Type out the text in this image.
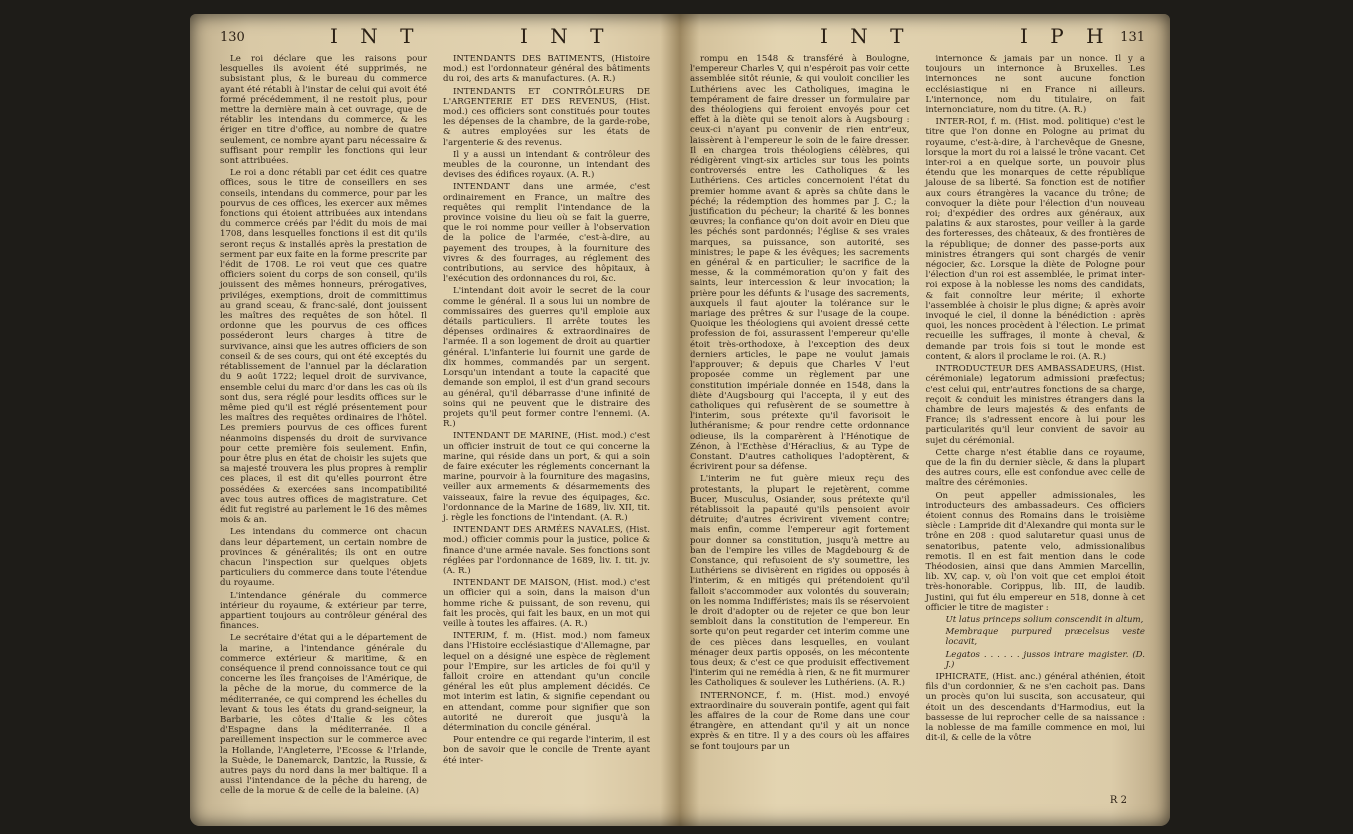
130	I N T	I N T

Le roi déclare que les raisons pour lesquelles ils avoient été supprimés, ne subsistant plus, & le bureau du commerce ayant été rétabli à l'instar de celui qui avoit été formé précédemment, il ne restoit plus, pour mettre la dernière main à cet ouvrage, que de rétablir les intendans du commerce, & les ériger en titre d'office, au nombre de quatre seulement, ce nombre ayant paru nécessaire & suffisant pour remplir les fonctions qui leur sont attribuées.

Le roi a donc rétabli par cet édit ces quatre offices, sous le titre de conseillers en ses conseils, intendans du commerce, pour par les pourvus de ces offices, les exercer aux mêmes fonctions qui étoient attribuées aux intendans du commerce créés par l'édit du mois de mai 1708, dans lesquelles fonctions il est dit qu'ils seront reçus & installés après la prestation de serment par eux faite en la forme prescrite par l'édit de 1708. Le roi veut que ces quatre officiers soient du corps de son conseil, qu'ils jouissent des mêmes honneurs, prérogatives, priviléges, exemptions, droit de committimus au grand sceau, & franc-salé, dont jouissent les maîtres des requêtes de son hôtel. Il ordonne que les pourvus de ces offices posséderont leurs charges à titre de survivance, ainsi que les autres officiers de son conseil & de ses cours, qui ont été exceptés du rétablissement de l'annuel par la déclaration du 9 août 1722; lequel droit de survivance, ensemble celui du marc d'or dans les cas où ils sont dus, sera réglé pour lesdits offices sur le même pied qu'il est réglé présentement pour les maîtres des requêtes ordinaires de l'hôtel. Les premiers pourvus de ces offices furent néanmoins dispensés du droit de survivance pour cette première fois seulement. Enfin, pour être plus en état de choisir les sujets que sa majesté trouvera les plus propres à remplir ces places, il est dit qu'elles pourront être possédées & exercées sans incompatibilité avec tous autres offices de magistrature. Cet édit fut registré au parlement le 16 des mêmes mois & an.

Les intendans du commerce ont chacun dans leur département, un certain nombre de provinces & généralités; ils ont en outre chacun l'inspection sur quelques objets particuliers du commerce dans toute l'étendue du royaume.

L'intendance générale du commerce intérieur du royaume, & extérieur par terre, appartient toujours au contrôleur général des finances.

Le secrétaire d'état qui a le département de la marine, a l'intendance générale du commerce extérieur & maritime, & en conséquence il prend connoissance tout ce qui concerne les îles françoises de l'Amérique, de la pêche de la morue, du commerce de la méditerranée, ce qui comprend les échelles du levant & tous les états du grand-seigneur, la Barbarie, les côtes d'Italie & les côtes d'Espagne dans la méditerranée. Il a pareillement inspection sur le commerce avec la Hollande, l'Angleterre, l'Ecosse & l'Irlande, la Suède, le Danemarck, Dantzic, la Russie, & autres pays du nord dans la mer baltique. Il a aussi l'intendance de la pêche du hareng, de celle de la morue & de celle de la baleine. (A)

INTENDANTS DES BATIMENTS, (Histoire mod.) est l'ordonnateur général des bâtiments du roi, des arts & manufactures. (A. R.)

INTENDANTS ET CONTRÔLEURS DE L'ARGENTERIE ET DES REVENUS, (Hist. mod.) ces officiers sont constitués pour toutes les dépenses de la chambre, de la garde-robe, & autres employées sur les états de l'argenterie & des revenus.

Il y a aussi un intendant & contrôleur des meubles de la couronne, un intendant des devises des édifices royaux. (A. R.)

INTENDANT dans une armée, c'est ordinairement en France, un maître des requêtes qui remplit l'intendance de la province voisine du lieu où se fait la guerre, que le roi nomme pour veiller à l'observation de la police de l'armée, c'est-à-dire, au payement des troupes, à la fourniture des vivres & des fourrages, au réglement des contributions, au service des hôpitaux, à l'exécution des ordonnances du roi, &c.

L'intendant doit avoir le secret de la cour comme le général. Il a sous lui un nombre de commissaires des guerres qu'il emploie aux détails particuliers. Il arrête toutes les dépenses ordinaires & extraordinaires de l'armée. Il a son logement de droit au quartier général. L'infanterie lui fournit une garde de dix hommes, commandés par un sergent. Lorsqu'un intendant a toute la capacité que demande son emploi, il est d'un grand secours au général, qu'il débarrasse d'une infinité de soins qui ne peuvent que le distraire des projets qu'il peut former contre l'ennemi. (A. R.)

INTENDANT DE MARINE, (Hist. mod.) c'est un officier instruit de tout ce qui concerne la marine, qui réside dans un port, & qui a soin de faire exécuter les réglements concernant la marine, pourvoir à la fourniture des magasins, veiller aux armements & désarmements des vaisseaux, faire la revue des équipages, &c. l'ordonnance de la Marine de 1689, liv. XII, tit. j. règle les fonctions de l'intendant. (A. R.)

INTENDANT DES ARMÉES NAVALES, (Hist. mod.) officier commis pour la justice, police & finance d'une armée navale. Ses fonctions sont réglées par l'ordonnance de 1689, liv. I. tit. jv. (A. R.)

INTENDANT DE MAISON, (Hist. mod.) c'est un officier qui a soin, dans la maison d'un homme riche & puissant, de son revenu, qui fait les procès, qui fait les baux, en un mot qui veille à toutes les affaires. (A. R.)

INTERIM, f. m. (Hist. mod.) nom fameux dans l'Histoire ecclésiastique d'Allemagne, par lequel on a désigné une espèce de règlement pour l'Empire, sur les articles de foi qu'il y falloit croire en attendant qu'un concile général les eût plus amplement décidés. Ce mot interim est latin, & signifie cependant ou en attendant, comme pour signifier que son autorité ne dureroit que jusqu'à la détermination du concile général.

Pour entendre ce qui regarde l'interim, il est bon de savoir que le concile de Trente ayant été inter-

I N T	I P H 131

rompu en 1548 & transféré à Boulogne, l'empereur Charles V, qui n'espéroit pas voir cette assemblée sitôt réunie, & qui vouloit concilier les Luthériens avec les Catholiques, imagina le tempérament de faire dresser un formulaire par des théologiens qui feroient envoyés pour cet effet à la diète qui se tenoit alors à Augsbourg : ceux-ci n'ayant pu convenir de rien entr'eux, laissèrent à l'empereur le soin de le faire dresser. Il en chargea trois théologiens célèbres, qui rédigèrent vingt-six articles sur tous les points controversés entre les Catholiques & les Luthériens. Ces articles concernoient l'état du premier homme avant & après sa chûte dans le péché; la rédemption des hommes par J. C.; la justification du pécheur; la charité & les bonnes œuvres; la confiance qu'on doit avoir en Dieu que les péchés sont pardonnés; l'église & ses vraies marques, sa puissance, son autorité, ses ministres; le pape & les évêques; les sacrements en général & en particulier; le sacrifice de la messe, & la commémoration qu'on y fait des saints, leur intercession & leur invocation; la prière pour les défunts & l'usage des sacrements, auxquels il faut ajouter la tolérance sur le mariage des prêtres & sur l'usage de la coupe. Quoique les théologiens qui avoient dressé cette profession de foi, assurassent l'empereur qu'elle étoit très-orthodoxe, à l'exception des deux derniers articles, le pape ne voulut jamais l'approuver; & depuis que Charles V l'eut proposée comme un règlement par une constitution impériale donnée en 1548, dans la diète d'Augsbourg qui l'accepta, il y eut des catholiques qui refusèrent de se soumettre à l'interim, sous prétexte qu'il favorisoit le luthéranisme; & pour rendre cette ordonnance odieuse, ils la comparèrent à l'Hénotique de Zénon, à l'Ecthèse d'Héraclius, & au Type de Constant. D'autres catholiques l'adoptèrent, & écrivirent pour sa défense.

L'interim ne fut guère mieux reçu des protestants, la plupart le rejetèrent, comme Bucer, Musculus, Osiander, sous prétexte qu'il rétablissoit la papauté qu'ils pensoient avoir détruite; d'autres écrivirent vivement contre; mais enfin, comme l'empereur agit fortement pour donner sa constitution, jusqu'à mettre au ban de l'empire les villes de Magdebourg & de Constance, qui refusoient de s'y soumettre, les Luthériens se divisèrent en rigides ou opposés à l'interim, & en mitigés qui prétendoient qu'il falloit s'accommoder aux volontés du souverain; on les nomma Indifféristes; mais ils se réservoient le droit d'adopter ou de rejeter ce que bon leur sembloit dans la constitution de l'empereur. En sorte qu'on peut regarder cet interim comme une de ces pièces dans lesquelles, en voulant ménager deux partis opposés, on les mécontente tous deux; & c'est ce que produisit effectivement l'interim qui ne remédia à rien, & ne fit murmurer les Catholiques & soulever les Luthériens. (A. R.)

INTERNONCE, f. m. (Hist. mod.) envoyé extraordinaire du souverain pontife, agent qui fait les affaires de la cour de Rome dans une cour étrangère, en attendant qu'il y ait un nonce exprès & en titre. Il y a des cours où les affaires se font toujours par un

internonce & jamais par un nonce. Il y a toujours un internonce à Bruxelles. Les internonces ne sont aucune fonction ecclésiastique ni en France ni ailleurs. L'internonce, nom du titulaire, on fait internonciature, nom du titre. (A. R.)

INTER-ROI, f. m. (Hist. mod. politique) c'est le titre que l'on donne en Pologne au primat du royaume, c'est-à-dire, à l'archevêque de Gnesne, lorsque la mort du roi a laissé le trône vacant. Cet inter-roi a en quelque sorte, un pouvoir plus étendu que les monarques de cette république jalouse de sa liberté. Sa fonction est de notifier aux cours étrangères la vacance du trône; de convoquer la diète pour l'élection d'un nouveau roi; d'expédier des ordres aux généraux, aux palatins & aux starostes, pour veiller à la garde des forteresses, des châteaux, & des frontières de la république; de donner des passe-ports aux ministres étrangers qui sont chargés de venir négocier, &c. Lorsque la diète de Pologne pour l'élection d'un roi est assemblée, le primat inter-roi expose à la noblesse les noms des candidats, & fait connoître leur mérite; il exhorte l'assemblée à choisir le plus digne; & après avoir invoqué le ciel, il donne la bénédiction : après quoi, les nonces procèdent à l'élection. Le primat recueille les suffrages, il monte à cheval, & demande par trois fois si tout le monde est content, & alors il proclame le roi. (A. R.)

INTRODUCTEUR DES AMBASSADEURS, (Hist. cérémoniale) legatorum admissioni præfectus; c'est celui qui, entr'autres fonctions de sa charge, reçoit & conduit les ministres étrangers dans la chambre de leurs majestés & des enfants de France; ils s'adressent encore à lui pour les particularités qu'il leur convient de savoir au sujet du cérémonial.

Cette charge n'est établie dans ce royaume, que de la fin du dernier siècle, & dans la plupart des autres cours, elle est confondue avec celle de maître des cérémonies.

On peut appeller admissionales, les introducteurs des ambassadeurs. Ces officiers étoient connus des Romains dans le troisième siècle : Lampride dit d'Alexandre qui monta sur le trône en 208 : quod salutaretur quasi unus de senatoribus, patente velo, admissionalibus remotis. Il en est fait mention dans le code Théodosien, ainsi que dans Ammien Marcellin, lib. XV, cap. v, où l'on voit que cet emploi étoit très-honorable. Corippus, lib. III, de laudib. Justini, qui fut élu empereur en 518, donne à cet officier le titre de magister :

Ut latus princeps solium conscendit in altum,

Membraque purpured præcelsus veste locavit,

Legatos . . . . . . jussos intrare magister. (D. J.)

IPHICRATE, (Hist. anc.) général athénien, étoit fils d'un cordonnier, & ne s'en cachoit pas. Dans un procès qu'on lui suscita, son accusateur, qui étoit un des descendants d'Harmodius, eut la bassesse de lui reprocher celle de sa naissance : la noblesse de ma famille commence en moi, lui dit-il, & celle de la vôtre

R 2
